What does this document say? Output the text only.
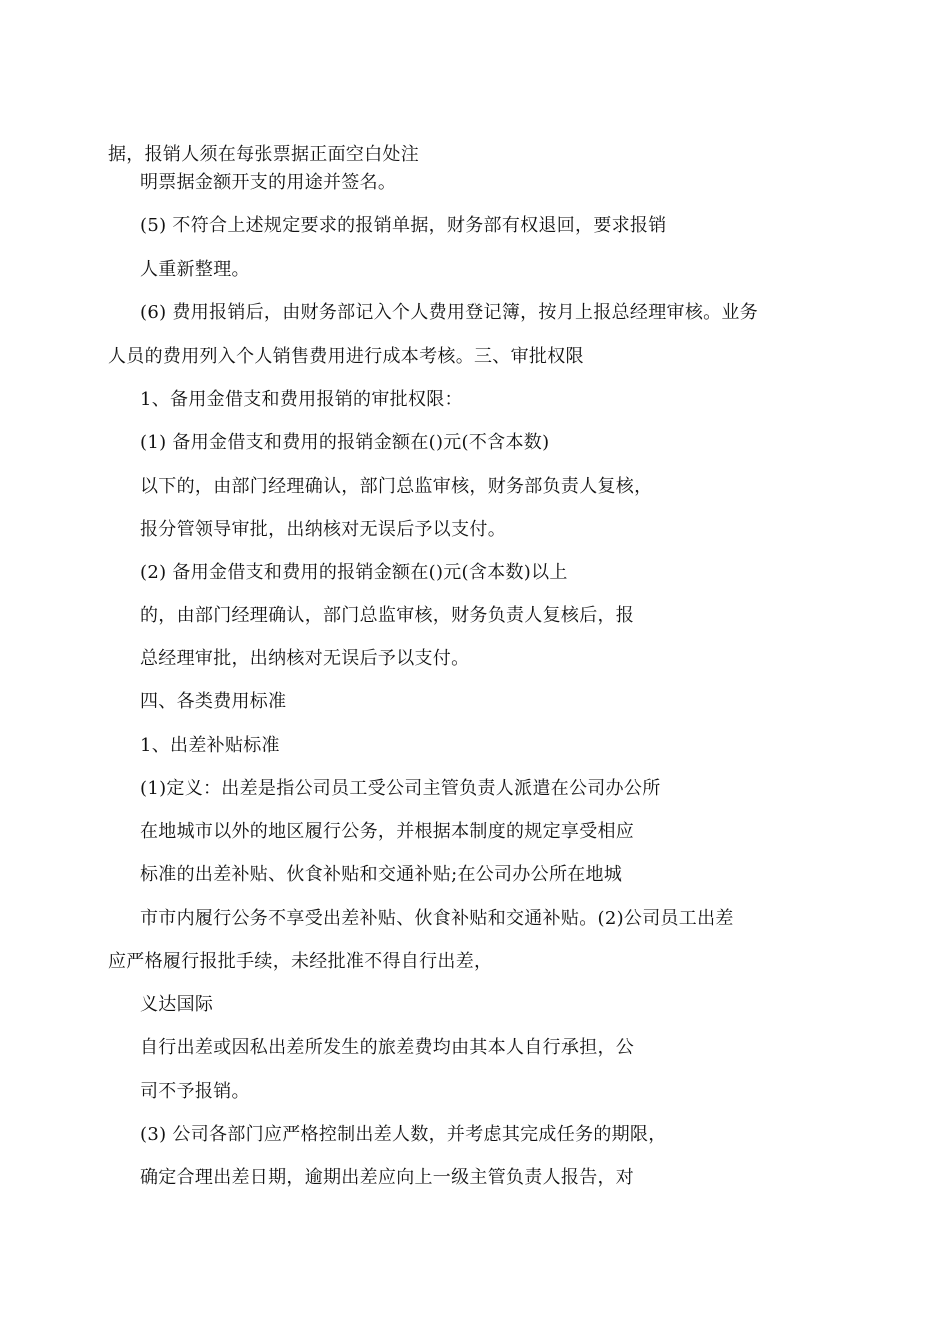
据，报销人须在每张票据正面空白处注
明票据金额开支的用途并签名。
(5) 不符合上述规定要求的报销单据，财务部有权退回，要求报销
人重新整理。
(6) 费用报销后，由财务部记入个人费用登记簿，按月上报总经理审核。业务
人员的费用列入个人销售费用进行成本考核。三、审批权限
1、备用金借支和费用报销的审批权限：
(1) 备用金借支和费用的报销金额在()元(不含本数)
以下的，由部门经理确认，部门总监审核，财务部负责人复核，
报分管领导审批，出纳核对无误后予以支付。
(2) 备用金借支和费用的报销金额在()元(含本数)以上
的，由部门经理确认，部门总监审核，财务负责人复核后，报
总经理审批，出纳核对无误后予以支付。
四、各类费用标准
1、出差补贴标准
(1)定义：出差是指公司员工受公司主管负责人派遣在公司办公所
在地城市以外的地区履行公务，并根据本制度的规定享受相应
标准的出差补贴、伙食补贴和交通补贴;在公司办公所在地城
市市内履行公务不享受出差补贴、伙食补贴和交通补贴。(2)公司员工出差
应严格履行报批手续，未经批准不得自行出差，
义达国际
自行出差或因私出差所发生的旅差费均由其本人自行承担，公
司不予报销。
(3) 公司各部门应严格控制出差人数，并考虑其完成任务的期限，
确定合理出差日期，逾期出差应向上一级主管负责人报告，对
